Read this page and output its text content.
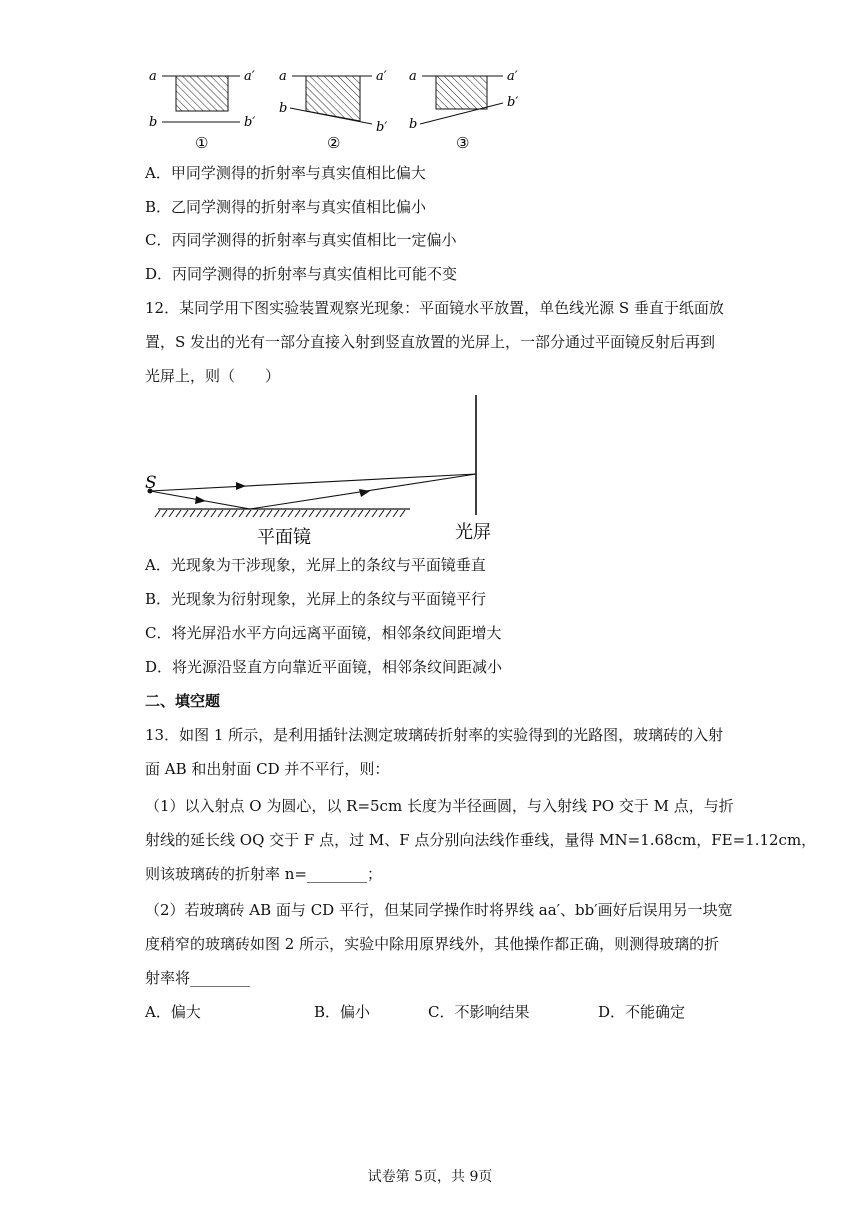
a	a′
b	b′
①
a	a′
b
b′
②
a	a′
b
b′
③
S
平面镜	光屏
A．甲同学测得的折射率与真实值相比偏大
B．乙同学测得的折射率与真实值相比偏小
C．丙同学测得的折射率与真实值相比一定偏小
D．丙同学测得的折射率与真实值相比可能不变
12．某同学用下图实验装置观察光现象：平面镜水平放置，单色线光源 S 垂直于纸面放
置，S 发出的光有一部分直接入射到竖直放置的光屏上，一部分通过平面镜反射后再到
光屏上，则（　　）
A．光现象为干涉现象，光屏上的条纹与平面镜垂直
B．光现象为衍射现象，光屏上的条纹与平面镜平行
C．将光屏沿水平方向远离平面镜，相邻条纹间距增大
D．将光源沿竖直方向靠近平面镜，相邻条纹间距减小
二、填空题
13．如图 1 所示，是利用插针法测定玻璃砖折射率的实验得到的光路图，玻璃砖的入射
面 AB 和出射面 CD 并不平行，则：
（1）以入射点 O 为圆心，以 R=5cm 长度为半径画圆，与入射线 PO 交于 M 点，与折
射线的延长线 OQ 交于 F 点，过 M、F 点分别向法线作垂线，量得 MN=1.68cm，FE=1.12cm，
则该玻璃砖的折射率 n=________；
（2）若玻璃砖 AB 面与 CD 平行，但某同学操作时将界线 aa′、bb′画好后误用另一块宽
度稍窄的玻璃砖如图 2 所示，实验中除用原界线外，其他操作都正确，则测得玻璃的折
射率将________
A．偏大	B．偏小	C．不影响结果	D．不能确定
试卷第 5页，共 9页
